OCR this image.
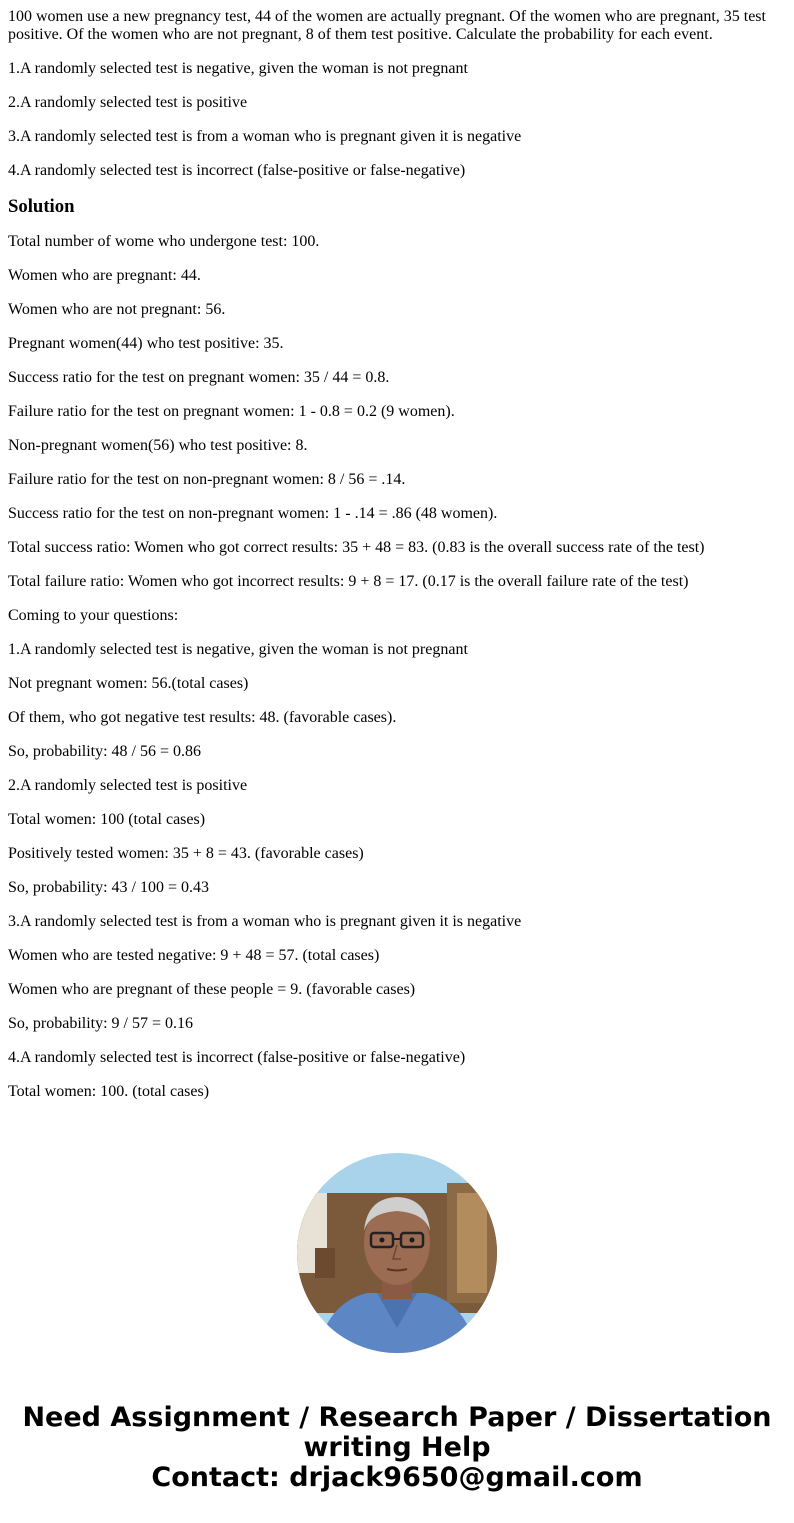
100 women use a new pregnancy test, 44 of the women are actually pregnant. Of the women who are pregnant, 35 test positive. Of the women who are not pregnant, 8 of them test positive. Calculate the probability for each event.

1.A randomly selected test is negative, given the woman is not pregnant

2.A randomly selected test is positive

3.A randomly selected test is from a woman who is pregnant given it is negative

4.A randomly selected test is incorrect (false-positive or false-negative)

Solution

Total number of wome who undergone test: 100.

Women who are pregnant: 44.

Women who are not pregnant: 56.

Pregnant women(44) who test positive: 35.

Success ratio for the test on pregnant women: 35 / 44 = 0.8.

Failure ratio for the test on pregnant women: 1 - 0.8 = 0.2 (9 women).

Non-pregnant women(56) who test positive: 8.

Failure ratio for the test on non-pregnant women: 8 / 56 = .14.

Success ratio for the test on non-pregnant women: 1 - .14 = .86 (48 women).

Total success ratio: Women who got correct results: 35 + 48 = 83. (0.83 is the overall success rate of the test)

Total failure ratio: Women who got incorrect results: 9 + 8 = 17. (0.17 is the overall failure rate of the test)

Coming to your questions:

1.A randomly selected test is negative, given the woman is not pregnant

Not pregnant women: 56.(total cases)

Of them, who got negative test results: 48. (favorable cases).

So, probability: 48 / 56 = 0.86

2.A randomly selected test is positive

Total women: 100 (total cases)

Positively tested women: 35 + 8 = 43. (favorable cases)

So, probability: 43 / 100 = 0.43

3.A randomly selected test is from a woman who is pregnant given it is negative

Women who are tested negative: 9 + 48 = 57. (total cases)

Women who are pregnant of these people = 9. (favorable cases)

So, probability: 9 / 57 = 0.16

4.A randomly selected test is incorrect (false-positive or false-negative)

Total women: 100. (total cases)

Need Assignment / Research Paper / Dissertation
writing Help
Contact: drjack9650@gmail.com
